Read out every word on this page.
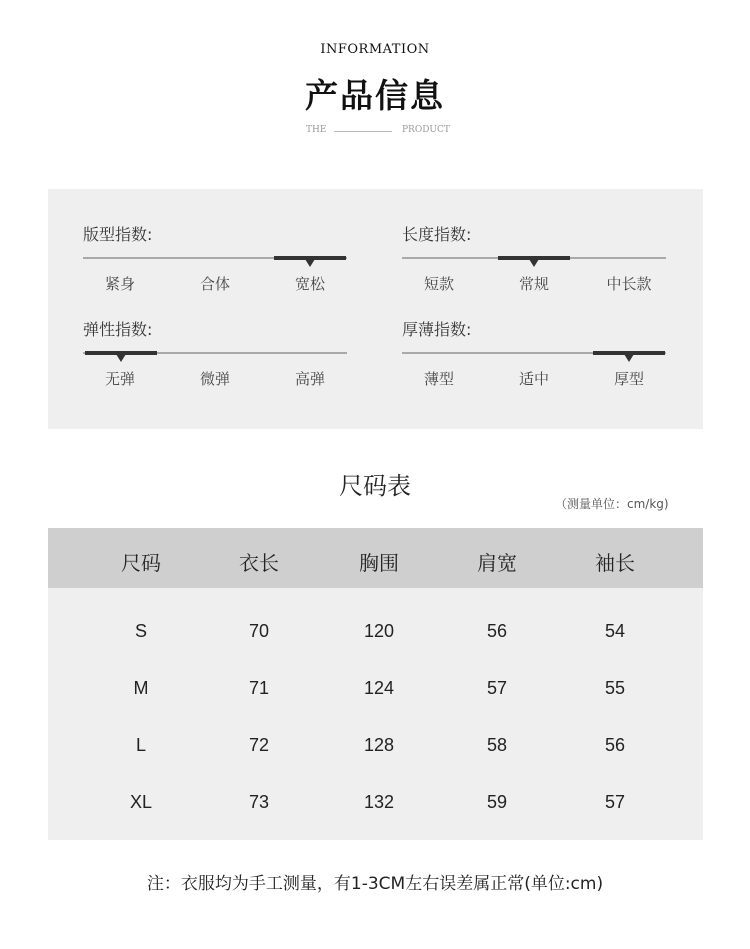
INFORMATION
产品信息
THE	PRODUCT
版型指数:
紧身	合体	宽松
长度指数:
短款	常规	中长款
弹性指数:
无弹	微弹	高弹
厚薄指数:
薄型	适中	厚型
尺码表
（测量单位：cm/kg)
尺码	衣长	胸围	肩宽	袖长
S	70	120	56	54
M	71	124	57	55
L	72	128	58	56
XL	73	132	59	57
注：衣服均为手工测量，有1-3CM左右误差属正常(单位:cm)
